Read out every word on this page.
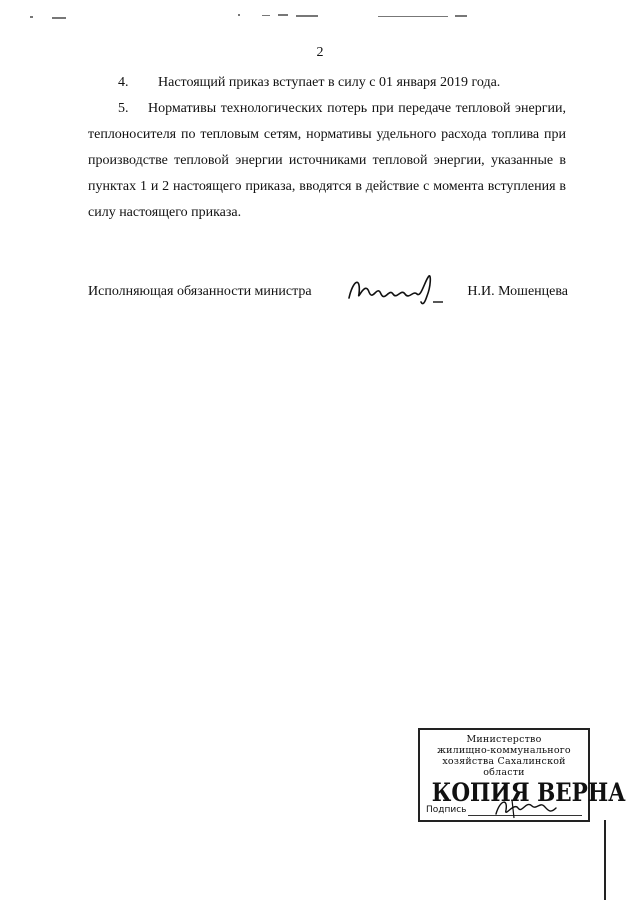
2
4. Настоящий приказ вступает в силу с 01 января 2019 года.
5. Нормативы технологических потерь при передаче тепловой энергии, теплоносителя по тепловым сетям, нормативы удельного расхода топлива при производстве тепловой энергии источниками тепловой энергии, указанные в пунктах 1 и 2 настоящего приказа, вводятся в действие с момента вступления в силу настоящего приказа.
Исполняющая обязанности министра	Н.И. Мошенцева
Министерство
жилищно-коммунального
хозяйства Сахалинской области
КОПИЯ ВЕРНА
Подпись
